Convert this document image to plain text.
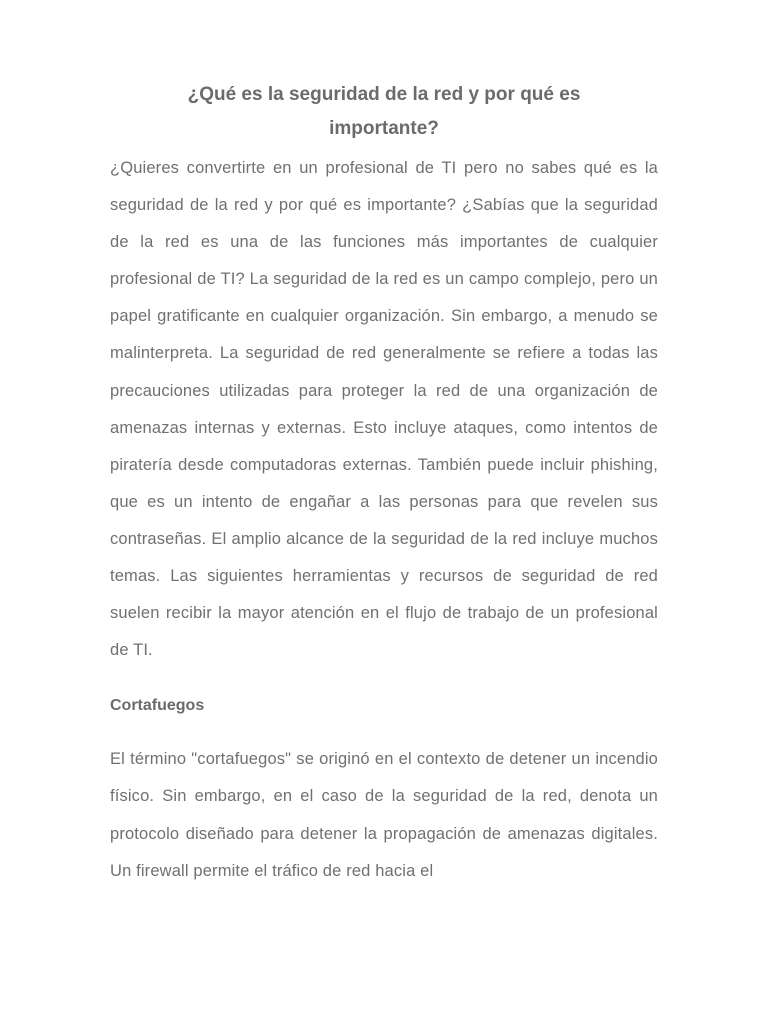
¿Qué es la seguridad de la red y por qué es importante?

¿Quieres convertirte en un profesional de TI pero no sabes qué es la seguridad de la red y por qué es importante? ¿Sabías que la seguridad de la red es una de las funciones más importantes de cualquier profesional de TI? La seguridad de la red es un campo complejo, pero un papel gratificante en cualquier organización. Sin embargo, a menudo se malinterpreta. La seguridad de red generalmente se refiere a todas las precauciones utilizadas para proteger la red de una organización de amenazas internas y externas. Esto incluye ataques, como intentos de piratería desde computadoras externas. También puede incluir phishing, que es un intento de engañar a las personas para que revelen sus contraseñas. El amplio alcance de la seguridad de la red incluye muchos temas. Las siguientes herramientas y recursos de seguridad de red suelen recibir la mayor atención en el flujo de trabajo de un profesional de TI.

Cortafuegos

El término "cortafuegos" se originó en el contexto de detener un incendio físico. Sin embargo, en el caso de la seguridad de la red, denota un protocolo diseñado para detener la propagación de amenazas digitales. Un firewall permite el tráfico de red hacia el
